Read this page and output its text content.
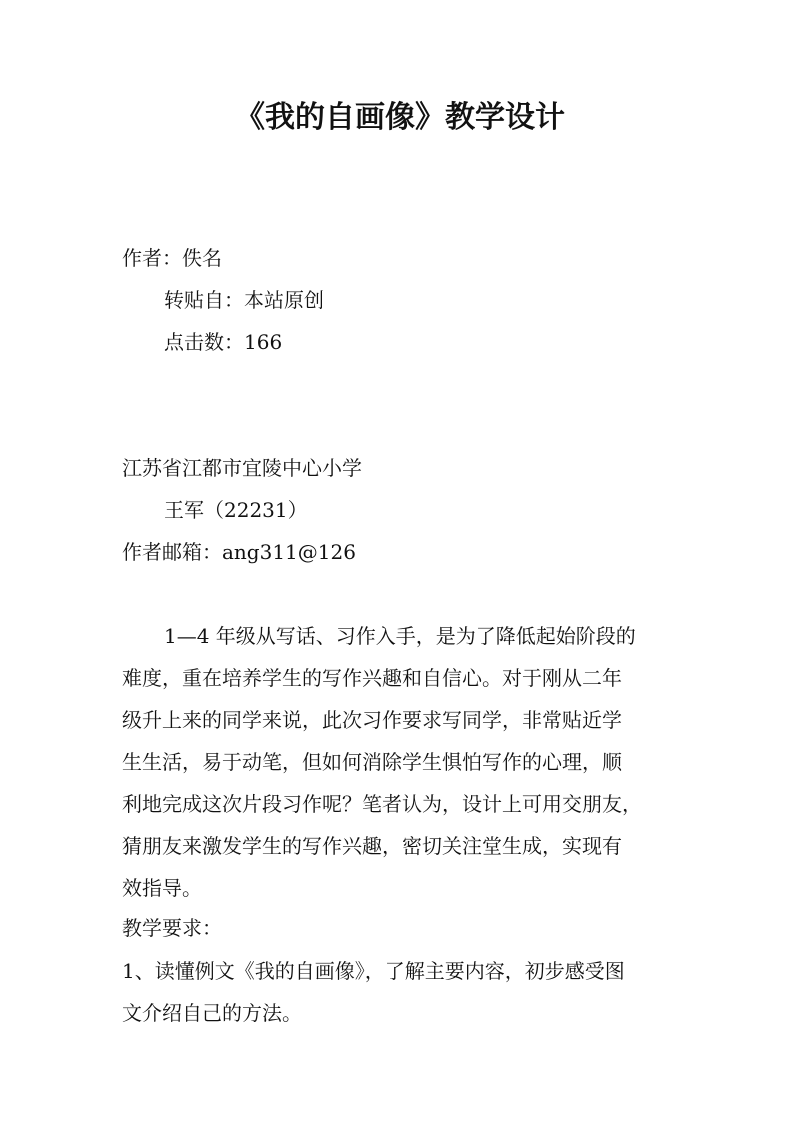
《我的自画像》教学设计

作者：佚名

转贴自：本站原创

点击数：166

江苏省江都市宜陵中心小学

王军（22231）

作者邮箱：ang311@126

1—4 年级从写话、习作入手，是为了降低起始阶段的
难度，重在培养学生的写作兴趣和自信心。对于刚从二年
级升上来的同学来说，此次习作要求写同学，非常贴近学
生生活，易于动笔，但如何消除学生惧怕写作的心理，顺
利地完成这次片段习作呢？笔者认为，设计上可用交朋友，
猜朋友来激发学生的写作兴趣，密切关注堂生成，实现有
效指导。

教学要求：

1、读懂例文《我的自画像》，了解主要内容，初步感受图
文介绍自己的方法。
